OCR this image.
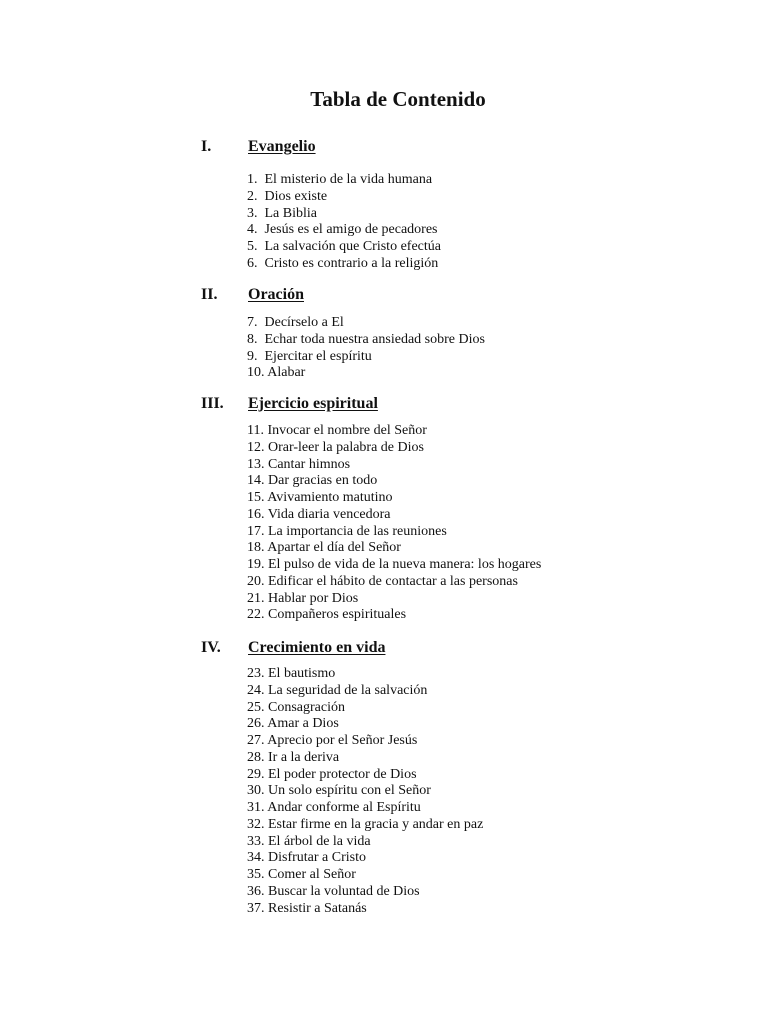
Tabla de Contenido
I. Evangelio
1.  El misterio de la vida humana
2.  Dios existe
3.  La Biblia
4.  Jesús es el amigo de pecadores
5.  La salvación que Cristo efectúa
6.  Cristo es contrario a la religión
II. Oración
7.  Decírselo a El
8.  Echar toda nuestra ansiedad sobre Dios
9.  Ejercitar el espíritu
10. Alabar
III. Ejercicio espiritual
11. Invocar el nombre del Señor
12. Orar-leer la palabra de Dios
13. Cantar himnos
14. Dar gracias en todo
15. Avivamiento matutino
16. Vida diaria vencedora
17. La importancia de las reuniones
18. Apartar el día del Señor
19. El pulso de vida de la nueva manera: los hogares
20. Edificar el hábito de contactar a las personas
21. Hablar por Dios
22. Compañeros espirituales
IV. Crecimiento en vida
23. El bautismo
24. La seguridad de la salvación
25. Consagración
26. Amar a Dios
27. Aprecio por el Señor Jesús
28. Ir a la deriva
29. El poder protector de Dios
30. Un solo espíritu con el Señor
31. Andar conforme al Espíritu
32. Estar firme en la gracia y andar en paz
33. El árbol de la vida
34. Disfrutar a Cristo
35. Comer al Señor
36. Buscar la voluntad de Dios
37. Resistir a Satanás
